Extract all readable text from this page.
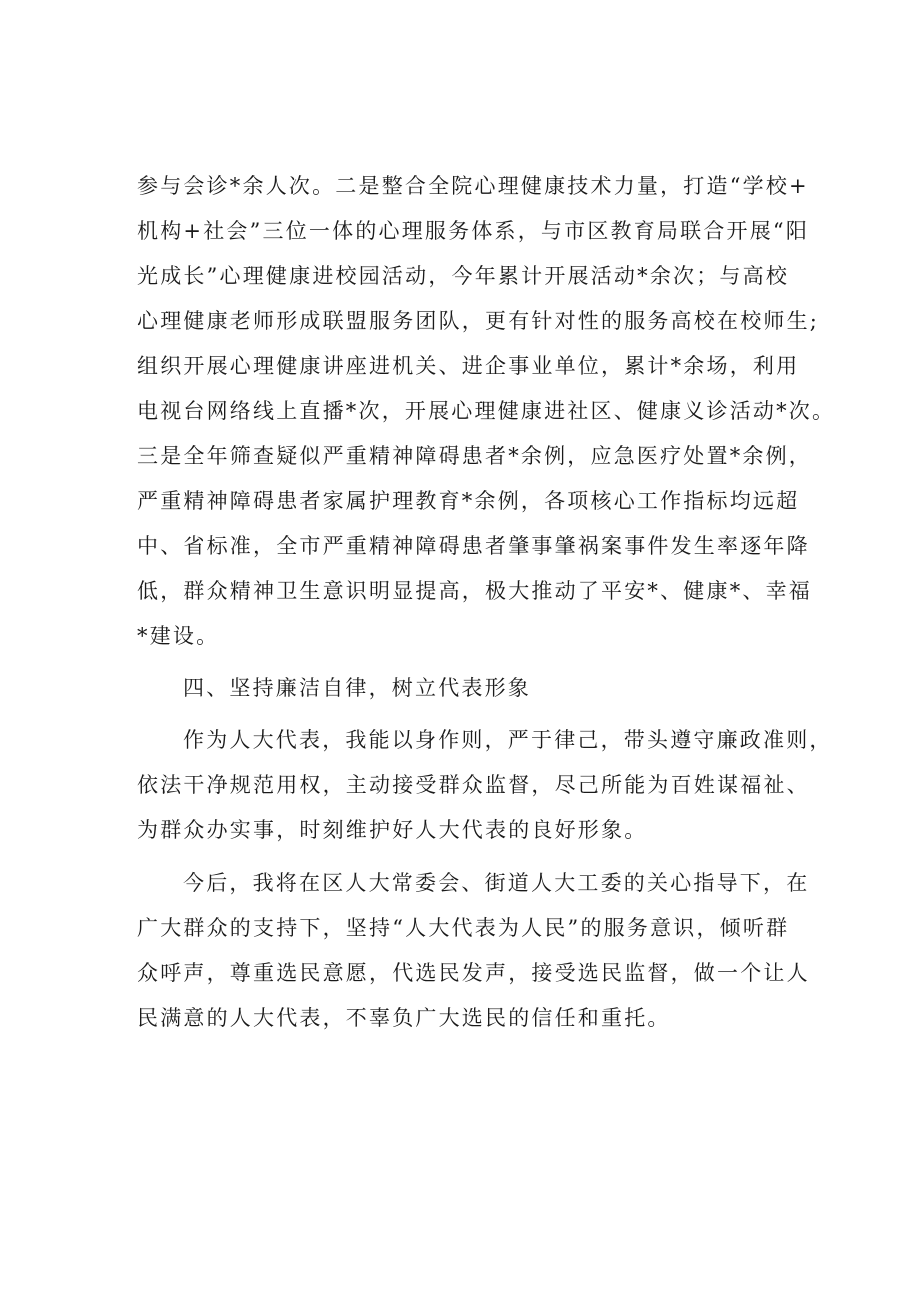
参与会诊*余人次。二是整合全院心理健康技术力量，打造“学校+
机构+社会”三位一体的心理服务体系，与市区教育局联合开展“阳
光成长”心理健康进校园活动，今年累计开展活动*余次；与高校
心理健康老师形成联盟服务团队，更有针对性的服务高校在校师生;
组织开展心理健康讲座进机关、进企事业单位，累计*余场，利用
电视台网络线上直播*次，开展心理健康进社区、健康义诊活动*次。
三是全年筛查疑似严重精神障碍患者*余例，应急医疗处置*余例，
严重精神障碍患者家属护理教育*余例，各项核心工作指标均远超
中、省标准，全市严重精神障碍患者肇事肇祸案事件发生率逐年降
低，群众精神卫生意识明显提高，极大推动了平安*、健康*、幸福
*建设。
四、坚持廉洁自律，树立代表形象
作为人大代表，我能以身作则，严于律己，带头遵守廉政准则，
依法干净规范用权，主动接受群众监督，尽己所能为百姓谋福祉、
为群众办实事，时刻维护好人大代表的良好形象。
今后，我将在区人大常委会、街道人大工委的关心指导下，在
广大群众的支持下，坚持“人大代表为人民”的服务意识，倾听群
众呼声，尊重选民意愿，代选民发声，接受选民监督，做一个让人
民满意的人大代表，不辜负广大选民的信任和重托。
